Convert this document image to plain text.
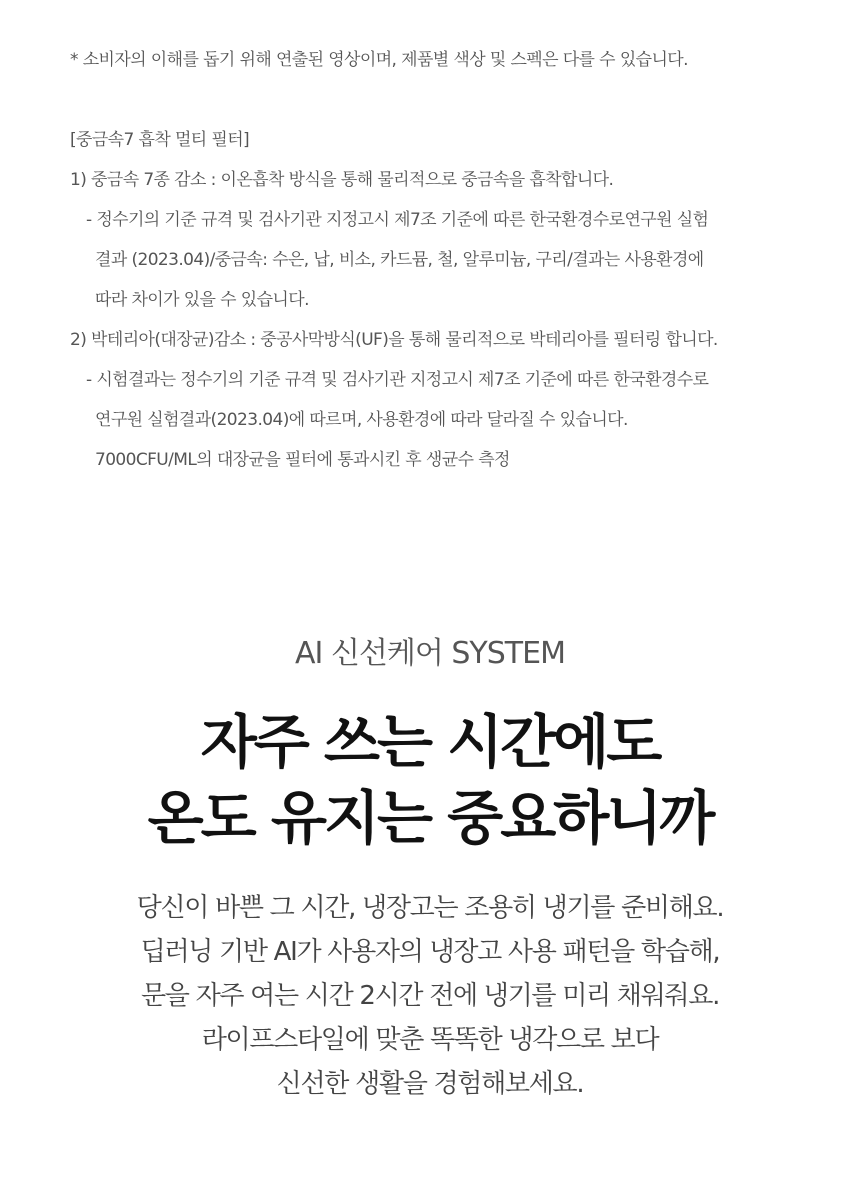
* 소비자의 이해를 돕기 위해 연출된 영상이며, 제품별 색상 및 스펙은 다를 수 있습니다.
[중금속7 흡착 멀티 필터]
1) 중금속 7종 감소 : 이온흡착 방식을 통해 물리적으로 중금속을 흡착합니다.
- 정수기의 기준 규격 및 검사기관 지정고시 제7조 기준에 따른 한국환경수로연구원 실험
결과 (2023.04)/중금속: 수은, 납, 비소, 카드뮴, 철, 알루미늄, 구리/결과는 사용환경에
따라 차이가 있을 수 있습니다.
2) 박테리아(대장균)감소 : 중공사막방식(UF)을 통해 물리적으로 박테리아를 필터링 합니다.
- 시험결과는 정수기의 기준 규격 및 검사기관 지정고시 제7조 기준에 따른 한국환경수로
연구원 실험결과(2023.04)에 따르며, 사용환경에 따라 달라질 수 있습니다.
7000CFU/ML의 대장균을 필터에 통과시킨 후 생균수 측정

AI 신선케어 SYSTEM

자주 쓰는 시간에도
온도 유지는 중요하니까

당신이 바쁜 그 시간, 냉장고는 조용히 냉기를 준비해요.
딥러닝 기반 AI가 사용자의 냉장고 사용 패턴을 학습해,
문을 자주 여는 시간 2시간 전에 냉기를 미리 채워줘요.
라이프스타일에 맞춘 똑똑한 냉각으로 보다
신선한 생활을 경험해보세요.
